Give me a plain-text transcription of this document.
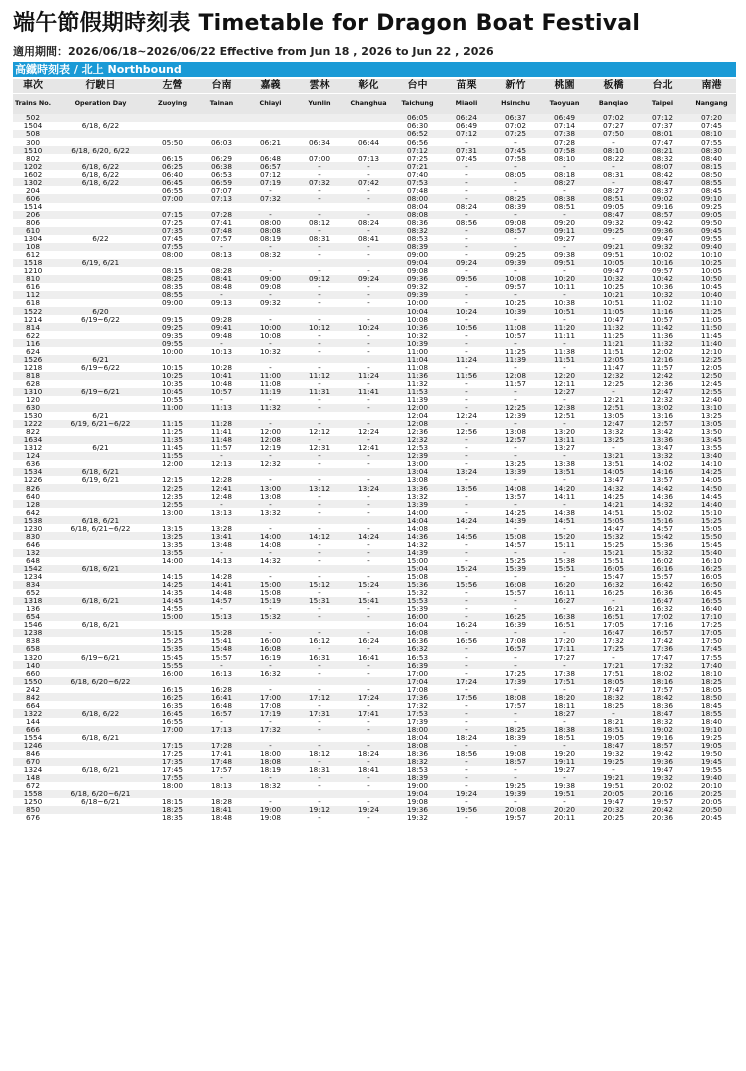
端午節假期時刻表 Timetable for Dragon Boat Festival
適用期間：2026/06/18~2026/06/22 Effective from Jun 18 , 2026 to Jun 22 , 2026
高鐵時刻表 / 北上 Northbound
車次	行駛日	左營	台南	嘉義	雲林	彰化	台中	苗栗	新竹	桃園	板橋	台北	南港
Trains No.	Operation Day	Zuoying	Tainan	Chiayi	Yunlin	Changhua	Taichung	Miaoli	Hsinchu	Taoyuan	Banqiao	Taipei	Nangang
502							06:05	06:24	06:37	06:49	07:02	07:12	07:20
1504	6/18, 6/22						06:30	06:49	07:02	07:14	07:27	07:37	07:45
508							06:52	07:12	07:25	07:38	07:50	08:01	08:10
300		05:50	06:03	06:21	06:34	06:44	06:56	-	-	07:28	-	07:47	07:55
1510	6/18, 6/20, 6/22						07:12	07:31	07:45	07:58	08:10	08:21	08:30
802		06:15	06:29	06:48	07:00	07:13	07:25	07:45	07:58	08:10	08:22	08:32	08:40
1202	6/18, 6/22	06:25	06:38	06:57	-	-	07:21	-	-	-	-	08:07	08:15
1602	6/18, 6/22	06:40	06:53	07:12	-	-	07:40	-	08:05	08:18	08:31	08:42	08:50
1302	6/18, 6/22	06:45	06:59	07:19	07:32	07:42	07:53	-	-	08:27	-	08:47	08:55
204		06:55	07:07	-	-	-	07:48	-	-	-	08:27	08:37	08:45
606		07:00	07:13	07:32	-	-	08:00	-	08:25	08:38	08:51	09:02	09:10
1514							08:04	08:24	08:39	08:51	09:05	09:16	09:25
206		07:15	07:28	-	-	-	08:08	-	-	-	08:47	08:57	09:05
806		07:25	07:41	08:00	08:12	08:24	08:36	08:56	09:08	09:20	09:32	09:42	09:50
610		07:35	07:48	08:08	-	-	08:32	-	08:57	09:11	09:25	09:36	09:45
1304	6/22	07:45	07:57	08:19	08:31	08:41	08:53	-	-	09:27	-	09:47	09:55
108		07:55	-	-	-	-	08:39	-	-	-	09:21	09:32	09:40
612		08:00	08:13	08:32	-	-	09:00	-	09:25	09:38	09:51	10:02	10:10
1518	6/19, 6/21						09:04	09:24	09:39	09:51	10:05	10:16	10:25
1210		08:15	08:28	-	-	-	09:08	-	-	-	09:47	09:57	10:05
810		08:25	08:41	09:00	09:12	09:24	09:36	09:56	10:08	10:20	10:32	10:42	10:50
616		08:35	08:48	09:08	-	-	09:32	-	09:57	10:11	10:25	10:36	10:45
112		08:55	-	-	-	-	09:39	-	-	-	10:21	10:32	10:40
618		09:00	09:13	09:32	-	-	10:00	-	10:25	10:38	10:51	11:02	11:10
1522	6/20						10:04	10:24	10:39	10:51	11:05	11:16	11:25
1214	6/19~6/22	09:15	09:28	-	-	-	10:08	-	-	-	10:47	10:57	11:05
814		09:25	09:41	10:00	10:12	10:24	10:36	10:56	11:08	11:20	11:32	11:42	11:50
622		09:35	09:48	10:08	-	-	10:32	-	10:57	11:11	11:25	11:36	11:45
116		09:55	-	-	-	-	10:39	-	-	-	11:21	11:32	11:40
624		10:00	10:13	10:32	-	-	11:00	-	11:25	11:38	11:51	12:02	12:10
1526	6/21						11:04	11:24	11:39	11:51	12:05	12:16	12:25
1218	6/19~6/22	10:15	10:28	-	-	-	11:08	-	-	-	11:47	11:57	12:05
818		10:25	10:41	11:00	11:12	11:24	11:36	11:56	12:08	12:20	12:32	12:42	12:50
628		10:35	10:48	11:08	-	-	11:32	-	11:57	12:11	12:25	12:36	12:45
1310	6/19~6/21	10:45	10:57	11:19	11:31	11:41	11:53	-	-	12:27	-	12:47	12:55
120		10:55	-	-	-	-	11:39	-	-	-	12:21	12:32	12:40
630		11:00	11:13	11:32	-	-	12:00	-	12:25	12:38	12:51	13:02	13:10
1530	6/21						12:04	12:24	12:39	12:51	13:05	13:16	13:25
1222	6/19, 6/21~6/22	11:15	11:28	-	-	-	12:08	-	-	-	12:47	12:57	13:05
822		11:25	11:41	12:00	12:12	12:24	12:36	12:56	13:08	13:20	13:32	13:42	13:50
1634		11:35	11:48	12:08	-	-	12:32	-	12:57	13:11	13:25	13:36	13:45
1312	6/21	11:45	11:57	12:19	12:31	12:41	12:53	-	-	13:27	-	13:47	13:55
124		11:55	-	-	-	-	12:39	-	-	-	13:21	13:32	13:40
636		12:00	12:13	12:32	-	-	13:00	-	13:25	13:38	13:51	14:02	14:10
1534	6/18, 6/21						13:04	13:24	13:39	13:51	14:05	14:16	14:25
1226	6/19, 6/21	12:15	12:28	-	-	-	13:08	-	-	-	13:47	13:57	14:05
826		12:25	12:41	13:00	13:12	13:24	13:36	13:56	14:08	14:20	14:32	14:42	14:50
640		12:35	12:48	13:08	-	-	13:32	-	13:57	14:11	14:25	14:36	14:45
128		12:55	-	-	-	-	13:39	-	-	-	14:21	14:32	14:40
642		13:00	13:13	13:32	-	-	14:00	-	14:25	14:38	14:51	15:02	15:10
1538	6/18, 6/21						14:04	14:24	14:39	14:51	15:05	15:16	15:25
1230	6/18, 6/21~6/22	13:15	13:28	-	-	-	14:08	-	-	-	14:47	14:57	15:05
830		13:25	13:41	14:00	14:12	14:24	14:36	14:56	15:08	15:20	15:32	15:42	15:50
646		13:35	13:48	14:08	-	-	14:32	-	14:57	15:11	15:25	15:36	15:45
132		13:55	-	-	-	-	14:39	-	-	-	15:21	15:32	15:40
648		14:00	14:13	14:32	-	-	15:00	-	15:25	15:38	15:51	16:02	16:10
1542	6/18, 6/21						15:04	15:24	15:39	15:51	16:05	16:16	16:25
1234		14:15	14:28	-	-	-	15:08	-	-	-	15:47	15:57	16:05
834		14:25	14:41	15:00	15:12	15:24	15:36	15:56	16:08	16:20	16:32	16:42	16:50
652		14:35	14:48	15:08	-	-	15:32	-	15:57	16:11	16:25	16:36	16:45
1318	6/18, 6/21	14:45	14:57	15:19	15:31	15:41	15:53	-	-	16:27	-	16:47	16:55
136		14:55	-	-	-	-	15:39	-	-	-	16:21	16:32	16:40
654		15:00	15:13	15:32	-	-	16:00	-	16:25	16:38	16:51	17:02	17:10
1546	6/18, 6/21						16:04	16:24	16:39	16:51	17:05	17:16	17:25
1238		15:15	15:28	-	-	-	16:08	-	-	-	16:47	16:57	17:05
838		15:25	15:41	16:00	16:12	16:24	16:36	16:56	17:08	17:20	17:32	17:42	17:50
658		15:35	15:48	16:08	-	-	16:32	-	16:57	17:11	17:25	17:36	17:45
1320	6/19~6/21	15:45	15:57	16:19	16:31	16:41	16:53	-	-	17:27	-	17:47	17:55
140		15:55	-	-	-	-	16:39	-	-	-	17:21	17:32	17:40
660		16:00	16:13	16:32	-	-	17:00	-	17:25	17:38	17:51	18:02	18:10
1550	6/18, 6/20~6/22						17:04	17:24	17:39	17:51	18:05	18:16	18:25
242		16:15	16:28	-	-	-	17:08	-	-	-	17:47	17:57	18:05
842		16:25	16:41	17:00	17:12	17:24	17:36	17:56	18:08	18:20	18:32	18:42	18:50
664		16:35	16:48	17:08	-	-	17:32	-	17:57	18:11	18:25	18:36	18:45
1322	6/18, 6/22	16:45	16:57	17:19	17:31	17:41	17:53	-	-	18:27	-	18:47	18:55
144		16:55	-	-	-	-	17:39	-	-	-	18:21	18:32	18:40
666		17:00	17:13	17:32	-	-	18:00	-	18:25	18:38	18:51	19:02	19:10
1554	6/18, 6/21						18:04	18:24	18:39	18:51	19:05	19:16	19:25
1246		17:15	17:28	-	-	-	18:08	-	-	-	18:47	18:57	19:05
846		17:25	17:41	18:00	18:12	18:24	18:36	18:56	19:08	19:20	19:32	19:42	19:50
670		17:35	17:48	18:08	-	-	18:32	-	18:57	19:11	19:25	19:36	19:45
1324	6/18, 6/21	17:45	17:57	18:19	18:31	18:41	18:53	-	-	19:27	-	19:47	19:55
148		17:55	-	-	-	-	18:39	-	-	-	19:21	19:32	19:40
672		18:00	18:13	18:32	-	-	19:00	-	19:25	19:38	19:51	20:02	20:10
1558	6/18, 6/20~6/21						19:04	19:24	19:39	19:51	20:05	20:16	20:25
1250	6/18~6/21	18:15	18:28	-	-	-	19:08	-	-	-	19:47	19:57	20:05
850		18:25	18:41	19:00	19:12	19:24	19:36	19:56	20:08	20:20	20:32	20:42	20:50
676		18:35	18:48	19:08	-	-	19:32	-	19:57	20:11	20:25	20:36	20:45
